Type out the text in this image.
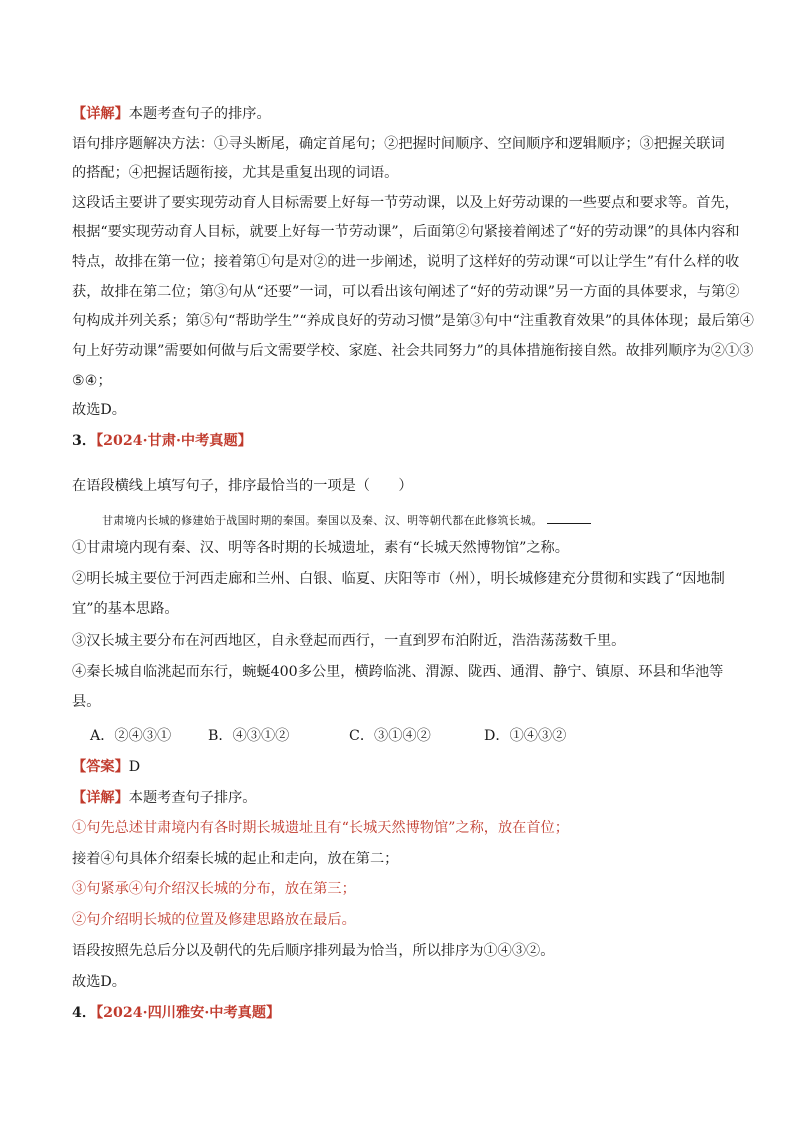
【详解】本题考查句子的排序。
语句排序题解决方法：①寻头断尾，确定首尾句；②把握时间顺序、空间顺序和逻辑顺序；③把握关联词
的搭配；④把握话题衔接，尤其是重复出现的词语。
这段话主要讲了要实现劳动育人目标需要上好每一节劳动课，以及上好劳动课的一些要点和要求等。首先，
根据“要实现劳动育人目标，就要上好每一节劳动课”，后面第②句紧接着阐述了“好的劳动课”的具体内容和
特点，故排在第一位；接着第①句是对②的进一步阐述，说明了这样好的劳动课“可以让学生”有什么样的收
获，故排在第二位；第③句从“还要”一词，可以看出该句阐述了“好的劳动课”另一方面的具体要求，与第②
句构成并列关系；第⑤句“帮助学生”“养成良好的劳动习惯”是第③句中“注重教育效果”的具体体现；最后第④
句上好劳动课”需要如何做与后文需要学校、家庭、社会共同努力”的具体措施衔接自然。故排列顺序为②①③
⑤④；
故选D。
3．【2024·甘肃·中考真题】
在语段横线上填写句子，排序最恰当的一项是（　　）
甘肃境内长城的修建始于战国时期的秦国。秦国以及秦、汉、明等朝代都在此修筑长城。
①甘肃境内现有秦、汉、明等各时期的长城遗址，素有“长城天然博物馆”之称。
②明长城主要位于河西走廊和兰州、白银、临夏、庆阳等市（州），明长城修建充分贯彻和实践了“因地制
宜”的基本思路。
③汉长城主要分布在河西地区，自永登起而西行，一直到罗布泊附近，浩浩荡荡数千里。
④秦长城自临洮起而东行，蜿蜒400多公里，横跨临洮、渭源、陇西、通渭、静宁、镇原、环县和华池等
县。
A．②④③①	B．④③①②	C．③①④②	D．①④③②
【答案】D
【详解】本题考查句子排序。
①句先总述甘肃境内有各时期长城遗址且有“长城天然博物馆”之称，放在首位；
接着④句具体介绍秦长城的起止和走向，放在第二；
③句紧承④句介绍汉长城的分布，放在第三；
②句介绍明长城的位置及修建思路放在最后。
语段按照先总后分以及朝代的先后顺序排列最为恰当，所以排序为①④③②。
故选D。
4．【2024·四川雅安·中考真题】
